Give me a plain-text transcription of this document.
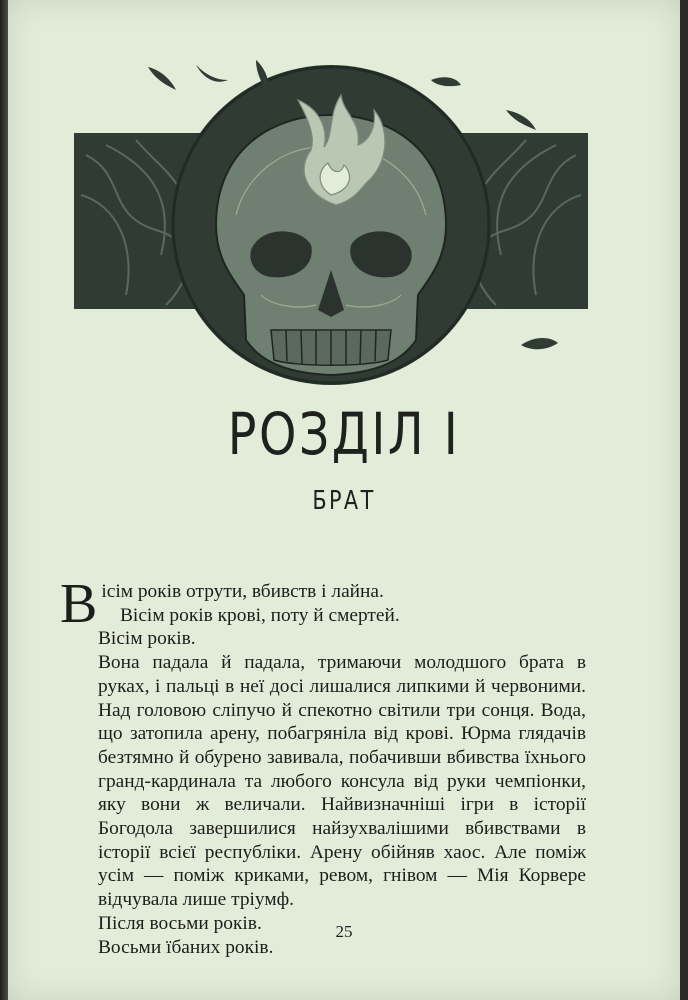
РОЗДІЛ І
БРАТ

Вісім років отрути, вбивств і лайна.

Вісім років крові, поту й смертей.

Вісім років.

Вона падала й падала, тримаючи молодшого брата в руках, і пальці в неї досі лишалися липкими й червоними. Над головою сліпучо й спекотно світили три сонця. Вода, що затопила арену, побагряніла від крові. Юрма глядачів безтямно й обурено завивала, побачивши вбивства їхнього гранд-кардинала та любого консула від руки чемпіонки, яку вони ж величали. Найвизначніші ігри в історії Богодола завершилися найзухвалішими вбивствами в історії всієї республіки. Арену обійняв хаос. Але поміж усім — поміж криками, ревом, гнівом — Мія Корвере відчувала лише тріумф.

Після восьми років.

Восьми їбаних років.

25
